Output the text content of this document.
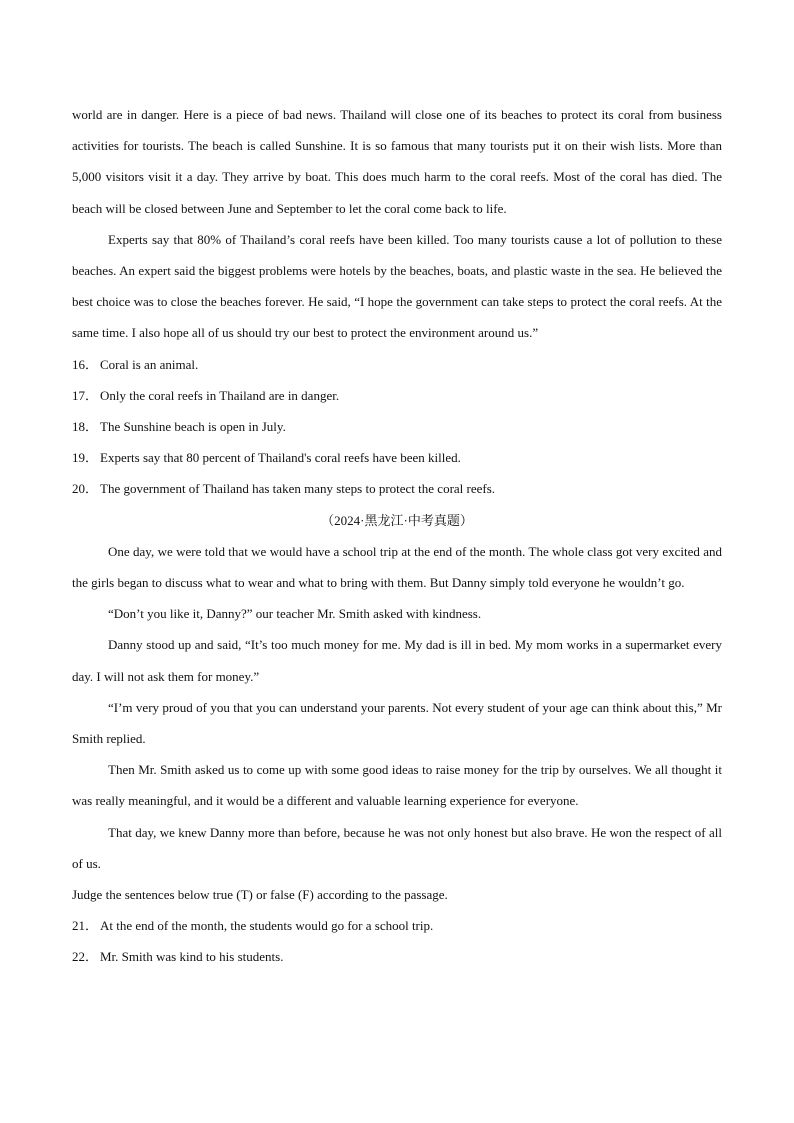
world are in danger. Here is a piece of bad news. Thailand will close one of its beaches to protect its coral from business activities for tourists. The beach is called Sunshine. It is so famous that many tourists put it on their wish lists. More than 5,000 visitors visit it a day. They arrive by boat. This does much harm to the coral reefs. Most of the coral has died. The beach will be closed between June and September to let the coral come back to life.

Experts say that 80% of Thailand’s coral reefs have been killed. Too many tourists cause a lot of pollution to these beaches. An expert said the biggest problems were hotels by the beaches, boats, and plastic waste in the sea. He believed the best choice was to close the beaches forever. He said, “I hope the government can take steps to protect the coral reefs. At the same time. I also hope all of us should try our best to protect the environment around us.”

16． Coral is an animal.
17． Only the coral reefs in Thailand are in danger.
18． The Sunshine beach is open in July.
19． Experts say that 80 percent of Thailand's coral reefs have been killed.
20． The government of Thailand has taken many steps to protect the coral reefs.
（2024·黑龙江·中考真题）

One day, we were told that we would have a school trip at the end of the month. The whole class got very excited and the girls began to discuss what to wear and what to bring with them. But Danny simply told everyone he wouldn’t go.

“Don’t you like it, Danny?” our teacher Mr. Smith asked with kindness.

Danny stood up and said, “It’s too much money for me. My dad is ill in bed. My mom works in a supermarket every day. I will not ask them for money.”

“I’m very proud of you that you can understand your parents. Not every student of your age can think about this,” Mr Smith replied.

Then Mr. Smith asked us to come up with some good ideas to raise money for the trip by ourselves. We all thought it was really meaningful, and it would be a different and valuable learning experience for everyone.

That day, we knew Danny more than before, because he was not only honest but also brave. He won the respect of all of us.

Judge the sentences below true (T) or false (F) according to the passage.

21． At the end of the month, the students would go for a school trip.
22． Mr. Smith was kind to his students.
